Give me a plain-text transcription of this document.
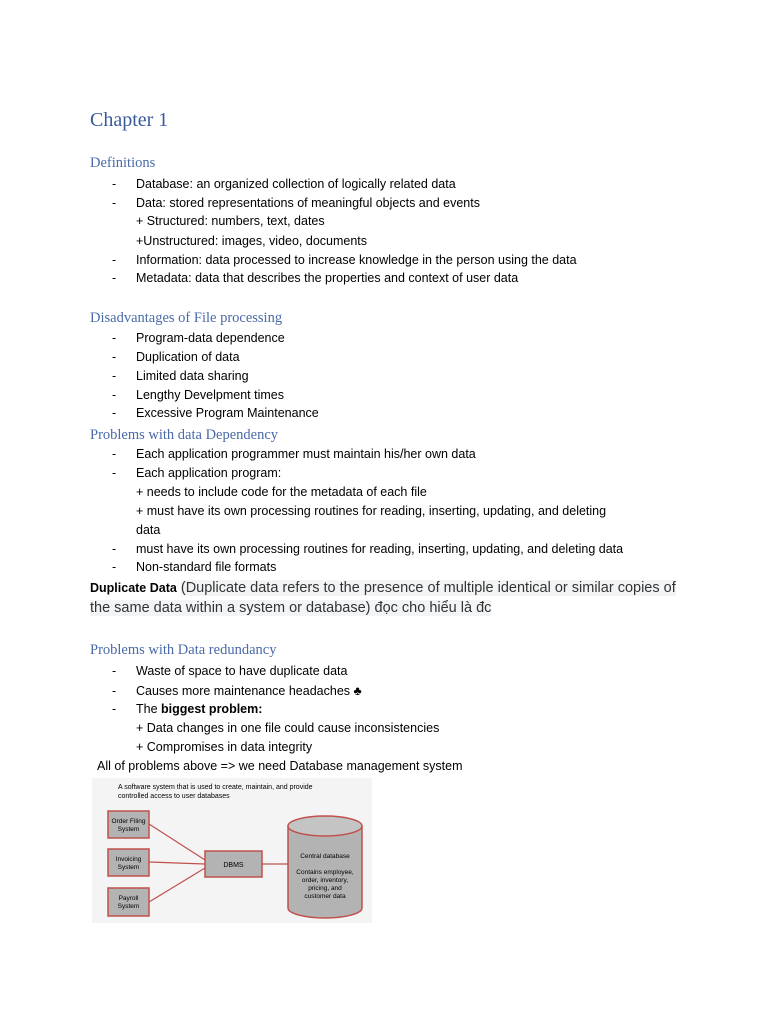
Chapter 1
Definitions
- Database: an organized collection of logically related data
- Data: stored representations of meaningful objects and events
+ Structured: numbers, text, dates
+Unstructured: images, video, documents
- Information: data processed to increase knowledge in the person using the data
- Metadata: data that describes the properties and context of user data
Disadvantages of File processing
- Program-data dependence
- Duplication of data
- Limited data sharing
- Lengthy Develpment times
- Excessive Program Maintenance
Problems with data Dependency
- Each application programmer must maintain his/her own data
- Each application program:
+ needs to include code for the metadata of each file
+ must have its own processing routines for reading, inserting, updating, and deleting
data
- must have its own processing routines for reading, inserting, updating, and deleting data
- Non-standard file formats
Duplicate Data (Duplicate data refers to the presence of multiple identical or similar copies of the same data within a system or database) đọc cho hiểu là đc
Problems with Data redundancy
- Waste of space to have duplicate data
- Causes more maintenance headaches ♣
- The biggest problem:
+ Data changes in one file could cause inconsistencies
+ Compromises in data integrity
All of problems above => we need Database management system
A software system that is used to create, maintain, and provide
controlled access to user databases
Order Filing
System
Invoicing
System
Payroll
System
DBMS
Central database
Contains employee,
order, inventory,
pricing, and
customer data
